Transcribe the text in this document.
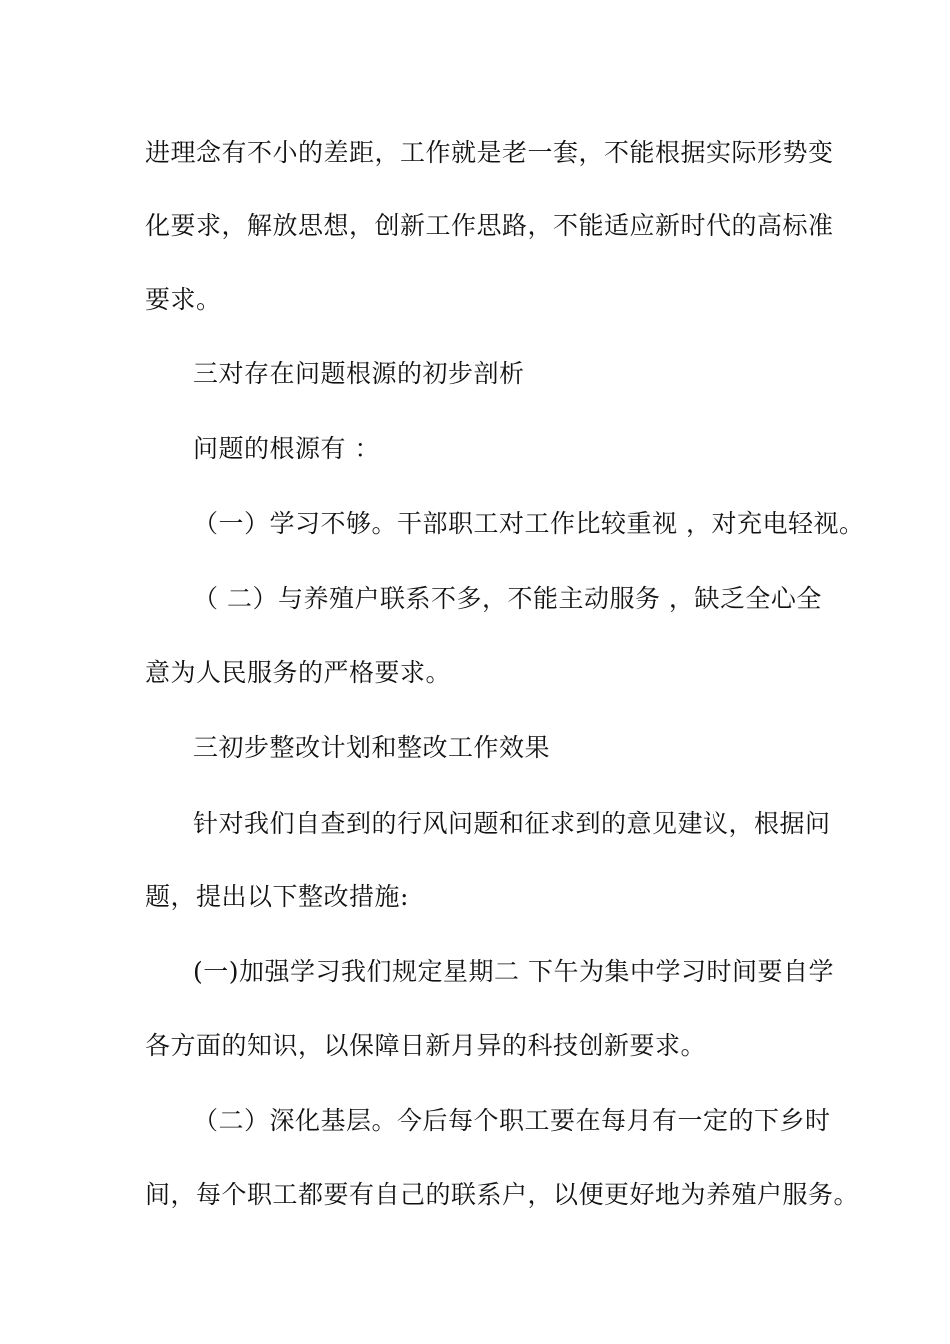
进理念有不小的差距，工作就是老一套，不能根据实际形势变
化要求，解放思想，创新工作思路，不能适应新时代的高标准
要求。
三对存在问题根源的初步剖析
问题的根源有 ：
（一）学习不够。干部职工对工作比较重视 ，对充电轻视。
（ 二）与养殖户联系不多，不能主动服务 ，缺乏全心全
意为人民服务的严格要求。
三初步整改计划和整改工作效果
针对我们自查到的行风问题和征求到的意见建议，根据问
题，提出以下整改措施:
(一)加强学习我们规定星期二 下午为集中学习时间要自学
各方面的知识，以保障日新月异的科技创新要求。
（二）深化基层。今后每个职工要在每月有一定的下乡时
间，每个职工都要有自己的联系户，以便更好地为养殖户服务。
